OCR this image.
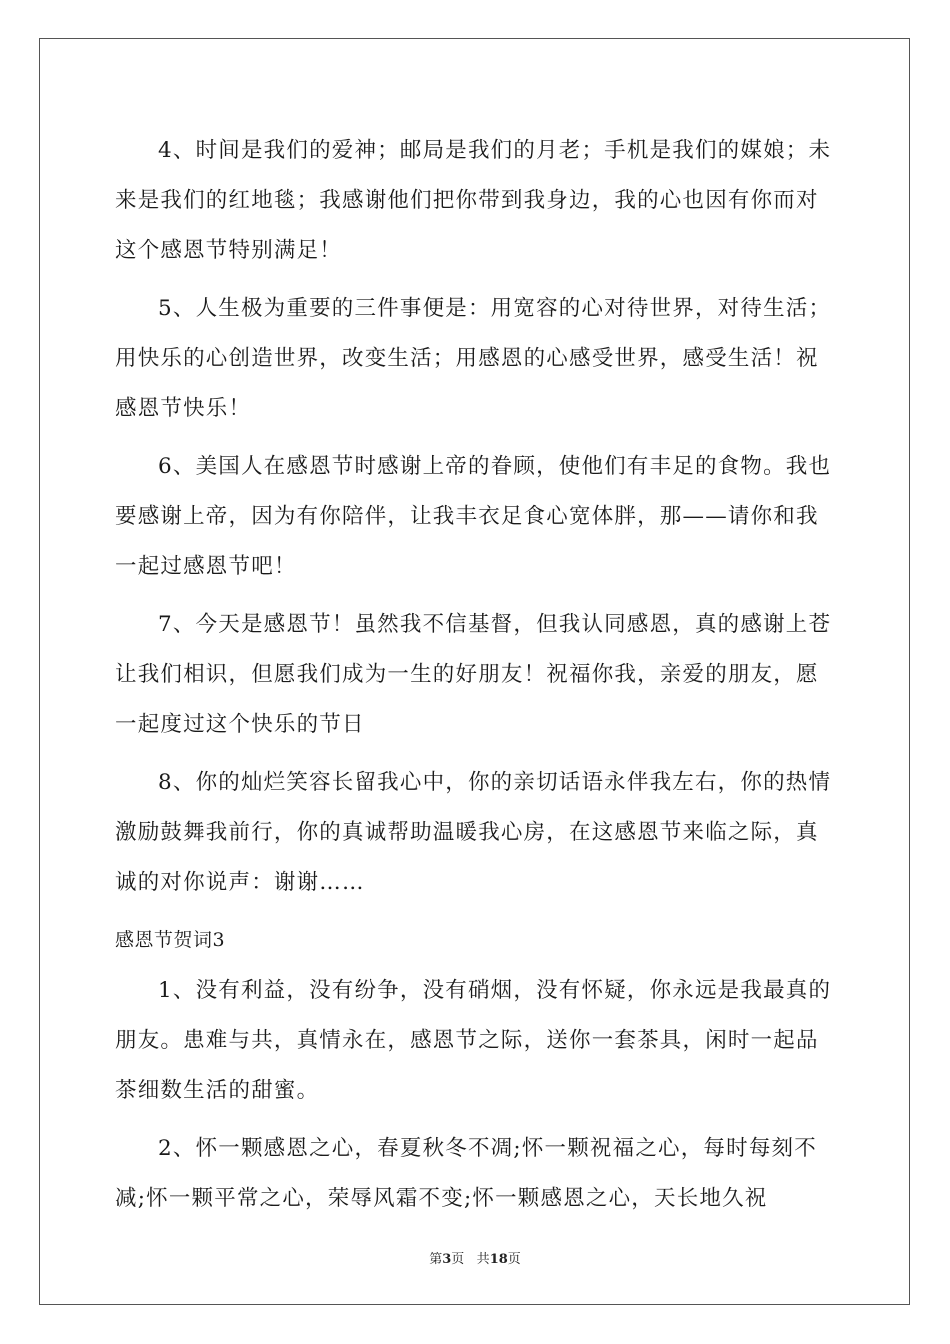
4、时间是我们的爱神；邮局是我们的月老；手机是我们的媒娘；未来是我们的红地毯；我感谢他们把你带到我身边，我的心也因有你而对这个感恩节特别满足！

5、人生极为重要的三件事便是：用宽容的心对待世界，对待生活；用快乐的心创造世界，改变生活；用感恩的心感受世界，感受生活！祝感恩节快乐！

6、美国人在感恩节时感谢上帝的眷顾，使他们有丰足的食物。我也要感谢上帝，因为有你陪伴，让我丰衣足食心宽体胖，那——请你和我一起过感恩节吧！

7、今天是感恩节！虽然我不信基督，但我认同感恩，真的感谢上苍让我们相识，但愿我们成为一生的好朋友！祝福你我，亲爱的朋友，愿一起度过这个快乐的节日

8、你的灿烂笑容长留我心中，你的亲切话语永伴我左右，你的热情激励鼓舞我前行，你的真诚帮助温暖我心房，在这感恩节来临之际，真诚的对你说声：谢谢……

感恩节贺词3

1、没有利益，没有纷争，没有硝烟，没有怀疑，你永远是我最真的朋友。患难与共，真情永在，感恩节之际，送你一套茶具，闲时一起品茶细数生活的甜蜜。

2、怀一颗感恩之心，春夏秋冬不凋;怀一颗祝福之心，每时每刻不减;怀一颗平常之心，荣辱风霜不变;怀一颗感恩之心，天长地久祝

第3页 共18页
